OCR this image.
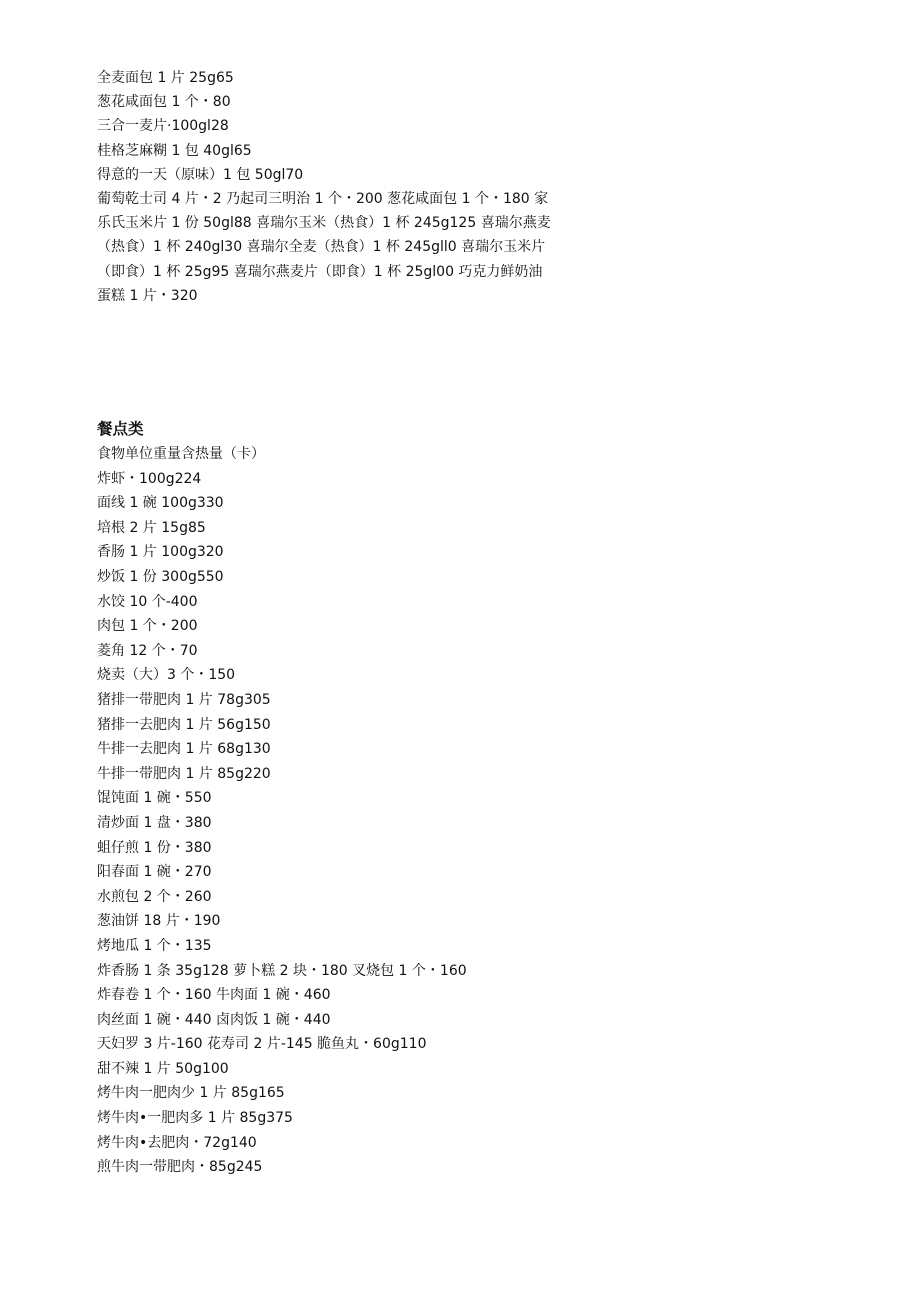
全麦面包 1 片 25g65

葱花咸面包 1 个・80

三合一麦片·100gl28

桂格芝麻糊 1 包 40gl65

得意的一天（原味）1 包 50gl70

葡萄乾士司 4 片・2 乃起司三明治 1 个・200 葱花咸面包 1 个・180 家

乐氏玉米片 1 份 50gl88 喜瑞尔玉米（热食）1 杯 245g125 喜瑞尔燕麦

（热食）1 杯 240gl30 喜瑞尔全麦（热食）1 杯 245gll0 喜瑞尔玉米片

（即食）1 杯 25g95 喜瑞尔燕麦片（即食）1 杯 25gl00 巧克力鲜奶油

蛋糕 1 片・320

餐点类

食物单位重量含热量（卡）

炸虾・100g224

面线 1 碗 100g330

培根 2 片 15g85

香肠 1 片 100g320

炒饭 1 份 300g550

水饺 10 个-400

肉包 1 个・200

菱角 12 个・70

烧卖（大）3 个・150

猪排一带肥肉 1 片 78g305

猪排一去肥肉 1 片 56g150

牛排一去肥肉 1 片 68g130

牛排一带肥肉 1 片 85g220

馄饨面 1 碗・550

清炒面 1 盘・380

蛆仔煎 1 份・380

阳春面 1 碗・270

水煎包 2 个・260

葱油饼 18 片・190

烤地瓜 1 个・135

炸香肠 1 条 35g128 萝卜糕 2 块・180 叉烧包 1 个・160

炸春卷 1 个・160 牛肉面 1 碗・460

肉丝面 1 碗・440 卤肉饭 1 碗・440

天妇罗 3 片-160 花寿司 2 片-145 脆鱼丸・60g110

甜不辣 1 片 50g100

烤牛肉一肥肉少 1 片 85g165

烤牛肉•一肥肉多 1 片 85g375

烤牛肉•去肥肉・72g140

煎牛肉一带肥肉・85g245
